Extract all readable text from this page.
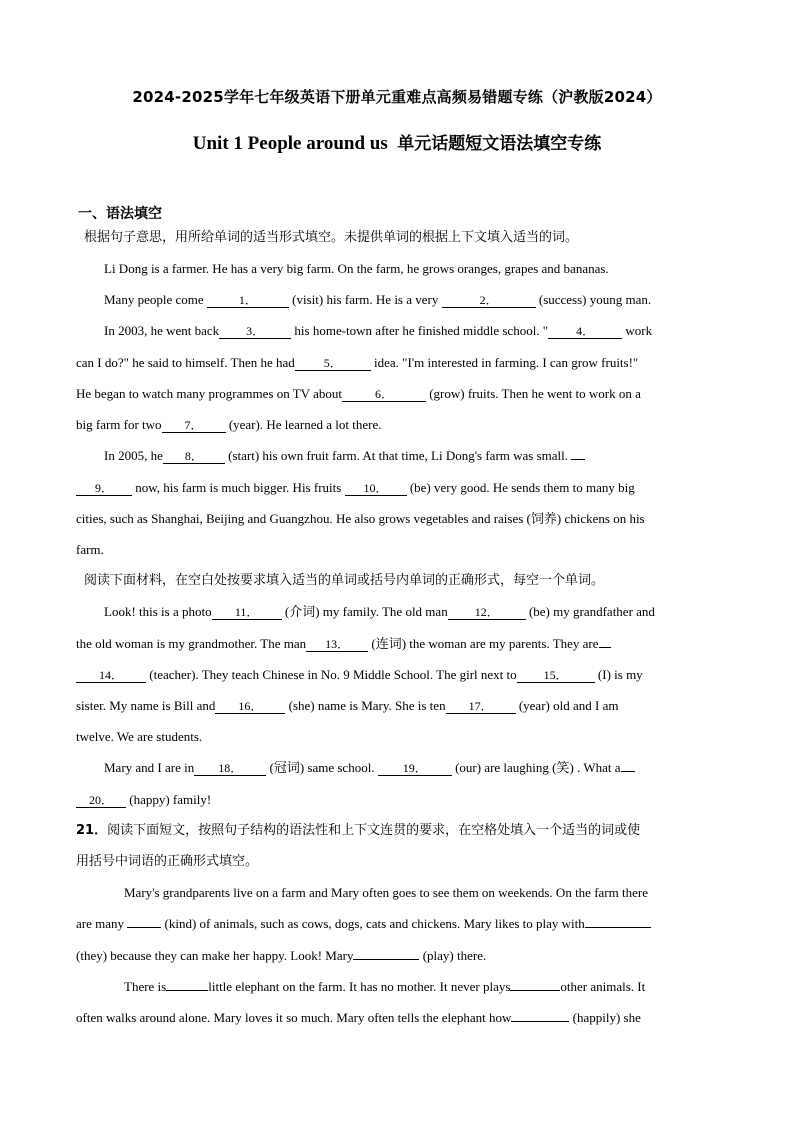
2024-2025学年七年级英语下册单元重难点高频易错题专练（沪教版2024）
Unit 1 People around us 单元话题短文语法填空专练
一、语法填空
根据句子意思，用所给单词的适当形式填空。未提供单词的根据上下文填入适当的词。
Li Dong is a farmer. He has a very big farm. On the farm, he grows oranges, grapes and bananas.
Many people come	1． (visit) his farm. He is a very	2．	(success) young man.
In 2003, he went back 3． his home-town after he finished middle school. " 4． work
can I do?" he said to himself. Then he had 5． idea. "I'm interested in farming. I can grow fruits!"
He began to watch many programmes on TV about	6．	(grow) fruits. Then he went to work on a
big farm for two 7． (year). He learned a lot there.
In 2005, he 8． (start) his own fruit farm. At that time, Li Dong's farm was small.
9． now, his farm is much bigger. His fruits 10． (be) very good. He sends them to many big
cities, such as Shanghai, Beijing and Guangzhou. He also grows vegetables and raises (饲养) chickens on his
farm.
阅读下面材料，在空白处按要求填入适当的单词或括号内单词的正确形式，每空一个单词。
Look! this is a photo 11． (介词) my family. The old man 12． (be) my grandfather and
the old woman is my grandmother. The man 13． (连词) the woman are my parents. They are
14． (teacher). They teach Chinese in No. 9 Middle School. The girl next to 15． (I) is my
sister. My name is Bill and 16． (she) name is Mary. She is ten 17． (year) old and I am
twelve. We are students.
Mary and I are in 18． (冠词) same school. 19． (our) are laughing (笑) . What a
20． (happy) family!
21．阅读下面短文，按照句子结构的语法性和上下文连贯的要求，在空格处填入一个适当的词或使
用括号中词语的正确形式填空。
Mary's grandparents live on a farm and Mary often goes to see them on weekends. On the farm there
are many	(kind) of animals, such as cows, dogs, cats and chickens. Mary likes to play with
(they) because they can make her happy. Look! Mary	(play) there.
There is	little elephant on the farm. It has no mother. It never plays	other animals. It
often walks around alone. Mary loves it so much. Mary often tells the elephant how	(happily) she
